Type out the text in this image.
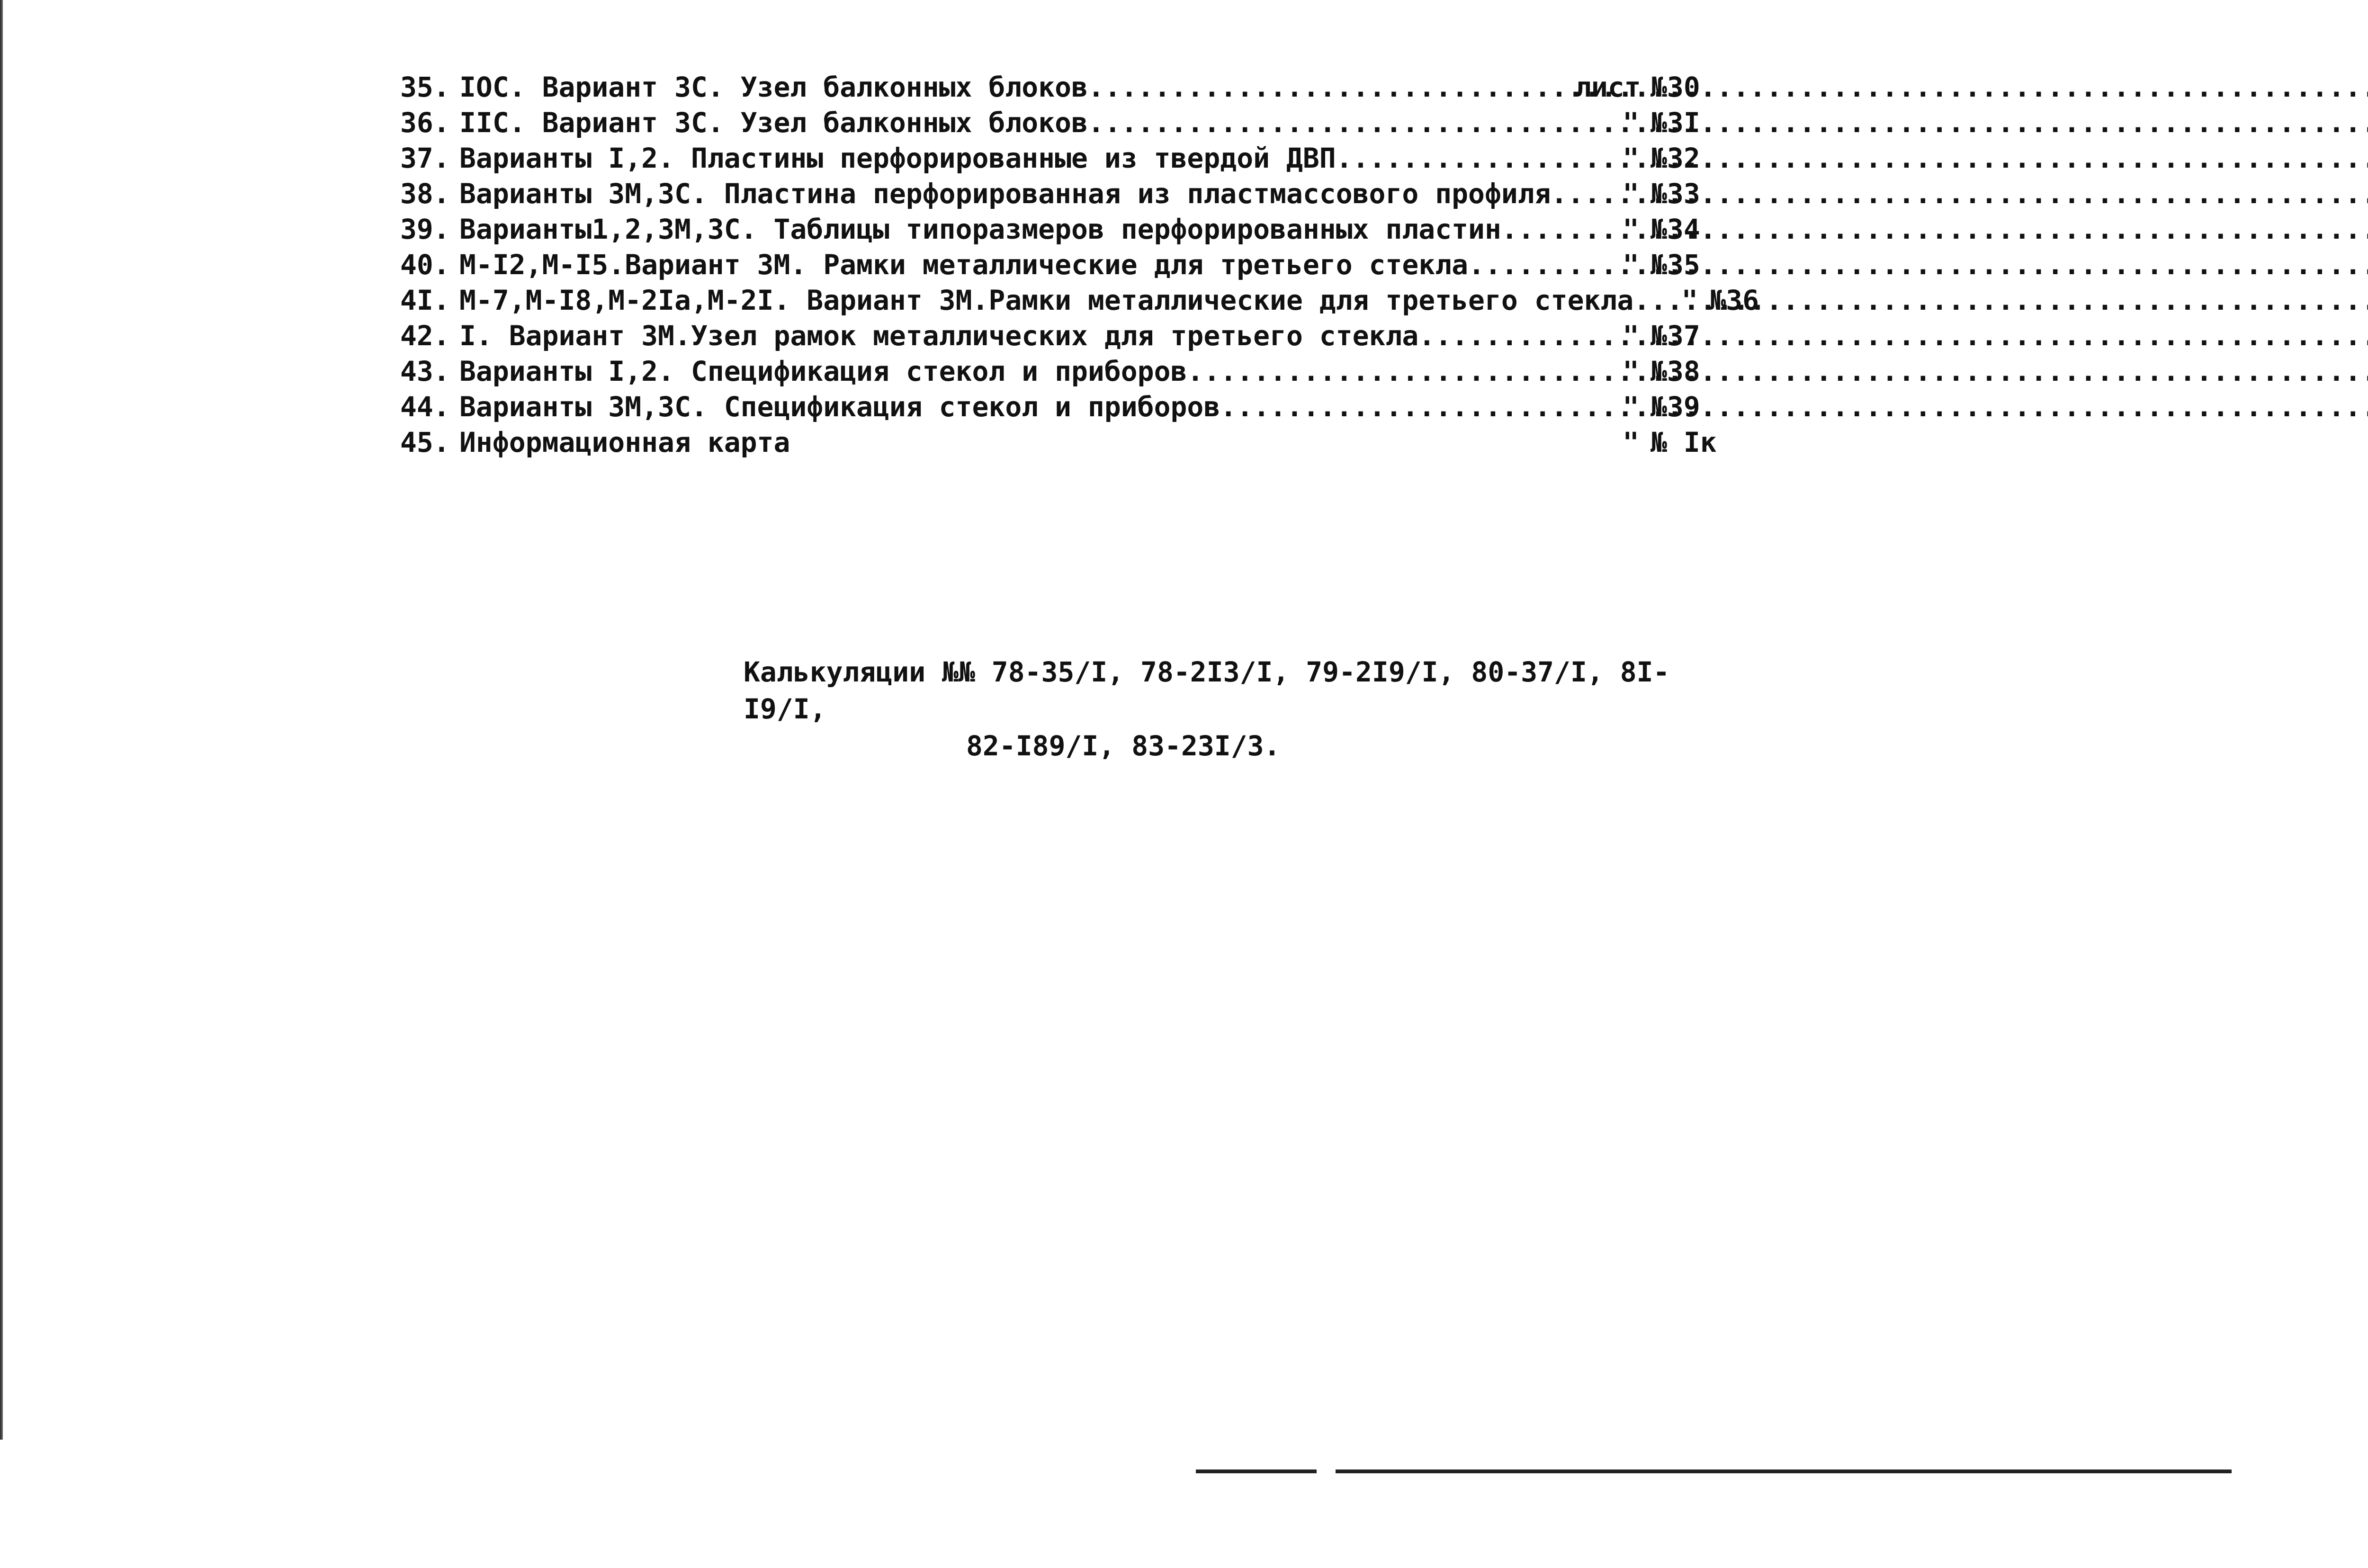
35. IOC. Вариант 3C. Узел балконных блоков .....	лист №30
36. IIC. Вариант 3C. Узел балконных блоков .....	" №3I
37. Варианты I,2. Пластины перфорированные из твердой ДВП .....	" №32
38. Варианты 3М,3С. Пластина перфорированная из пластмассового профиля .....	" №33
39. Варианты1,2,3М,3С. Таблицы типоразмеров перфорированных пластин .....	" №34
40. М-I2,М-I5.Вариант 3М. Рамки металлические для третьего стекла .....	" №35
4I. М-7,М-I8,М-2Iа,М-2I. Вариант 3М.Рамки металлические для третьего стекла	" №36
42. I. Вариант 3М.Узел рамок металлических для третьего стекла .....	" №37
43. Варианты I,2. Спецификация стекол и приборов .....	" №38
44. Варианты 3М,3С. Спецификация стекол и приборов .....	" №39
45. Информационная карта	" № Iк
Калькуляции №№ 78-35/I, 78-2I3/I, 79-2I9/I, 80-37/I, 8I-I9/I,
82-I89/I, 83-23I/3.
